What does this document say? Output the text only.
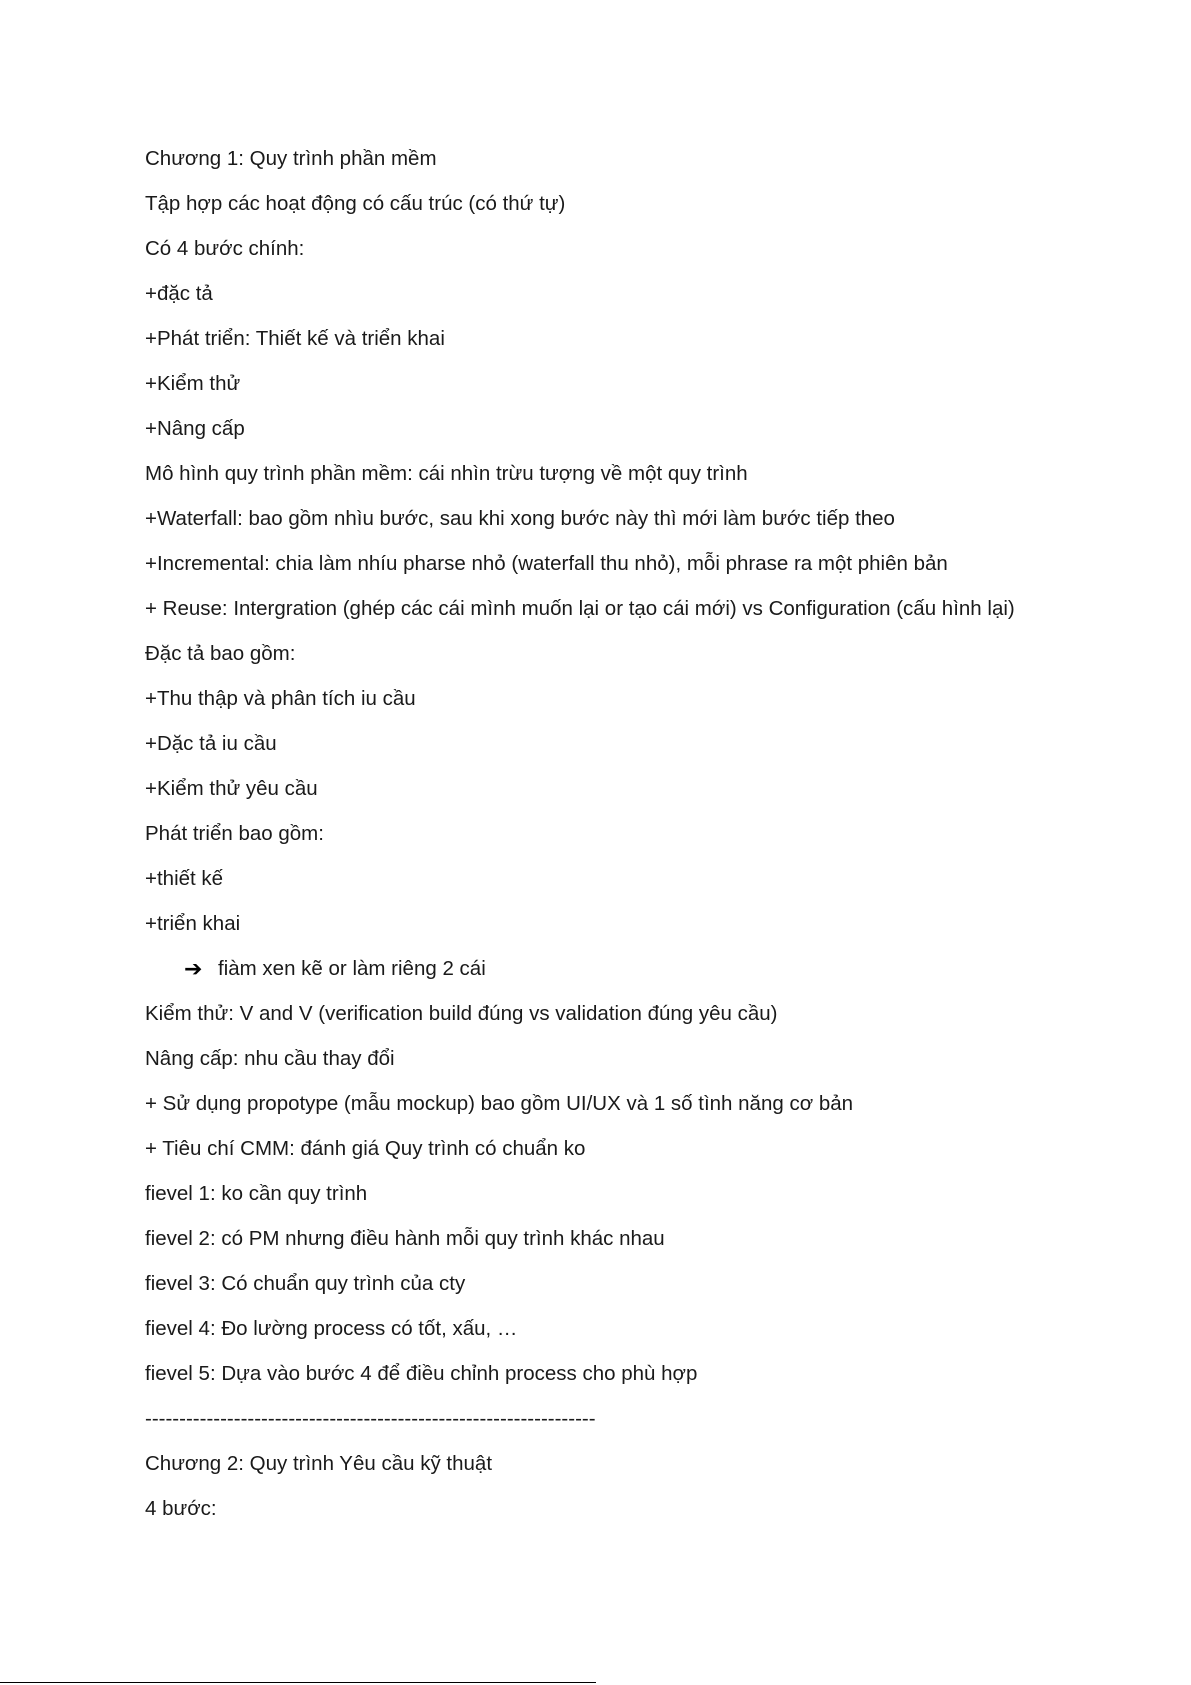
Chương 1: Quy trình phần mềm
Tập hợp các hoạt động có cấu trúc (có thứ tự)
Có 4 bước chính:
+đặc tả
+Phát triển: Thiết kế và triển khai
+Kiểm thử
+Nâng cấp
Mô hình quy trình phần mềm: cái nhìn trừu tượng về một quy trình
+Waterfall: bao gồm nhìu bước, sau khi xong bước này thì mới làm bước tiếp theo
+Incremental: chia làm nhíu pharse nhỏ (waterfall thu nhỏ), mỗi phrase ra một phiên bản
+ Reuse: Intergration (ghép các cái mình muốn lại or tạo cái mới) vs Configuration (cấu hình lại)
Đặc tả bao gồm:
+Thu thập và phân tích iu cầu
+Dặc tả iu cầu
+Kiểm thử yêu cầu
Phát triển bao gồm:
+thiết kế
+triển khai
➔ ﬁàm xen kẽ or làm riêng 2 cái
Kiểm thử: V and V (verification build đúng vs validation đúng yêu cầu)
Nâng cấp: nhu cầu thay đổi
+ Sử dụng propotype (mẫu mockup) bao gồm UI/UX và 1 số tình năng cơ bản
+ Tiêu chí CMM: đánh giá Quy trình có chuẩn ko
ﬁevel 1: ko cần quy trình
ﬁevel 2: có PM nhưng điều hành mỗi quy trình khác nhau
ﬁevel 3: Có chuẩn quy trình của cty
ﬁevel 4: Đo lường process có tốt, xấu, …
ﬁevel 5: Dựa vào bước 4 để điều chỉnh process cho phù hợp
------------------------------------------------------------------
Chương 2: Quy trình Yêu cầu kỹ thuật
4 bước:
